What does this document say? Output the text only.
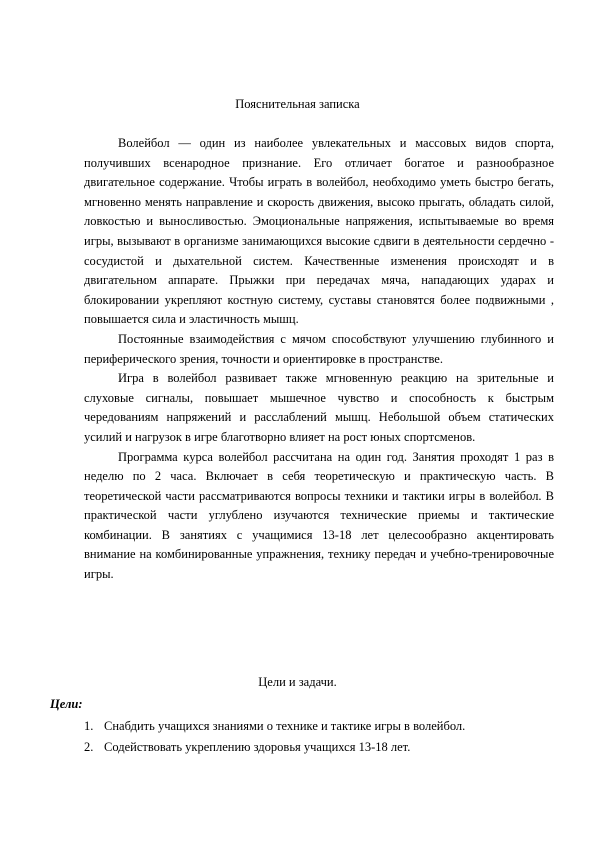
Пояснительная записка

Волейбол — один из наиболее увлекательных и массовых видов спорта, получивших всенародное признание. Его отличает богатое и разнообразное двигательное содержание. Чтобы играть в волейбол, необходимо уметь быстро бегать, мгновенно менять направление и скорость движения, высоко прыгать, обладать силой, ловкостью и выносливостью. Эмоциональные напряжения, испытываемые во время игры, вызывают в организме занимающихся высокие сдвиги в деятельности сердечно - сосудистой и дыхательной систем. Качественные изменения происходят и в двигательном аппарате. Прыжки при передачах мяча, нападающих ударах и блокировании укрепляют костную систему, суставы становятся более подвижными , повышается сила и эластичность мышц.

Постоянные взаимодействия с мячом способствуют улучшению глубинного и периферического зрения, точности и ориентировке в пространстве.

Игра в волейбол развивает также мгновенную реакцию на зрительные и слуховые сигналы, повышает мышечное чувство и способность к быстрым чередованиям напряжений и расслаблений мышц. Небольшой объем статических усилий и нагрузок в игре благотворно влияет на рост юных спортсменов.

Программа курса волейбол рассчитана на один год. Занятия проходят 1 раз в неделю по 2 часа. Включает в себя теоретическую и практическую часть. В теоретической части рассматриваются вопросы техники и тактики игры в волейбол. В практической части углублено изучаются технические приемы и тактические комбинации. В занятиях с учащимися 13-18 лет целесообразно акцентировать внимание на комбинированные упражнения, технику передач и учебно-тренировочные игры.

Цели и задачи.
Цели:
1. Снабдить учащихся знаниями о технике и тактике игры в волейбол.
2. Содействовать укреплению здоровья учащихся 13-18 лет.
